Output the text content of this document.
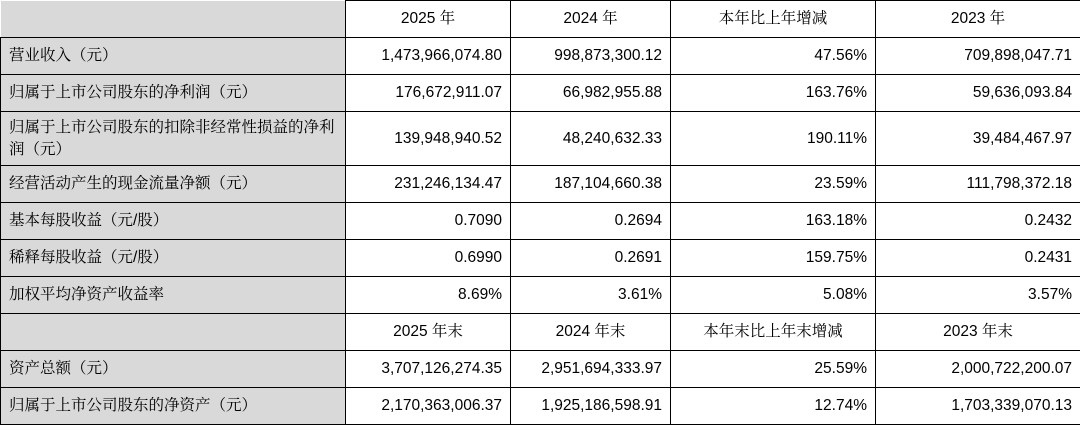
	2025 年	2024 年	本年比上年增减	2023 年
营业收入（元）	1,473,966,074.80	998,873,300.12	47.56%	709,898,047.71
归属于上市公司股东的净利润（元）	176,672,911.07	66,982,955.88	163.76%	59,636,093.84
归属于上市公司股东的扣除非经常性损益的净利润（元）	139,948,940.52	48,240,632.33	190.11%	39,484,467.97
经营活动产生的现金流量净额（元）	231,246,134.47	187,104,660.38	23.59%	111,798,372.18
基本每股收益（元/股）	0.7090	0.2694	163.18%	0.2432
稀释每股收益（元/股）	0.6990	0.2691	159.75%	0.2431
加权平均净资产收益率	8.69%	3.61%	5.08%	3.57%
	2025 年末	2024 年末	本年末比上年末增减	2023 年末
资产总额（元）	3,707,126,274.35	2,951,694,333.97	25.59%	2,000,722,200.07
归属于上市公司股东的净资产（元）	2,170,363,006.37	1,925,186,598.91	12.74%	1,703,339,070.13
